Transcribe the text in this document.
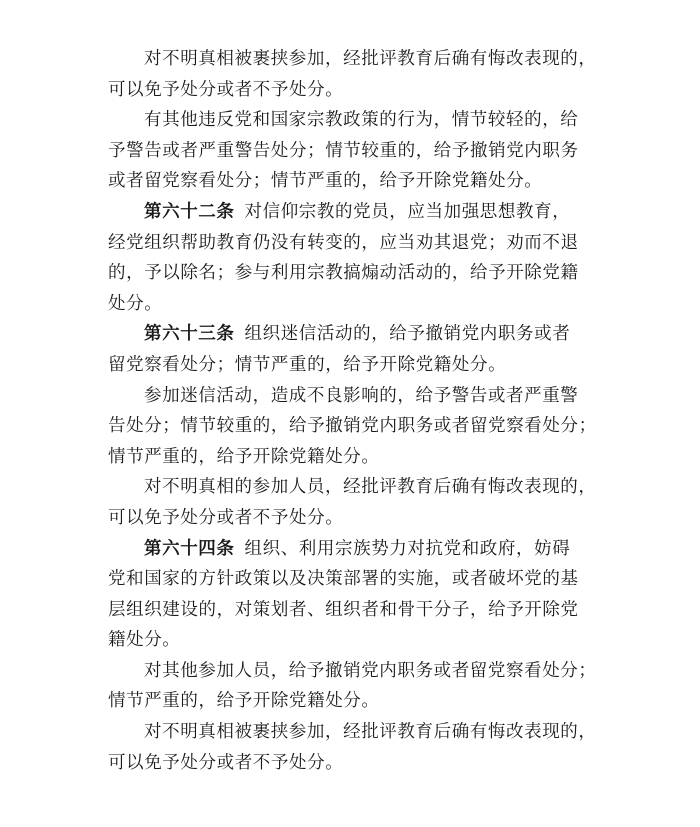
对不明真相被裹挟参加，经批评教育后确有悔改表现的，
可以免予处分或者不予处分。

有其他违反党和国家宗教政策的行为，情节较轻的，给
予警告或者严重警告处分；情节较重的，给予撤销党内职务
或者留党察看处分；情节严重的，给予开除党籍处分。

第六十二条 对信仰宗教的党员，应当加强思想教育，
经党组织帮助教育仍没有转变的，应当劝其退党；劝而不退
的，予以除名；参与利用宗教搞煽动活动的，给予开除党籍
处分。

第六十三条 组织迷信活动的，给予撤销党内职务或者
留党察看处分；情节严重的，给予开除党籍处分。

参加迷信活动，造成不良影响的，给予警告或者严重警
告处分；情节较重的，给予撤销党内职务或者留党察看处分；
情节严重的，给予开除党籍处分。

对不明真相的参加人员，经批评教育后确有悔改表现的，
可以免予处分或者不予处分。

第六十四条 组织、利用宗族势力对抗党和政府，妨碍
党和国家的方针政策以及决策部署的实施，或者破坏党的基
层组织建设的，对策划者、组织者和骨干分子，给予开除党
籍处分。

对其他参加人员，给予撤销党内职务或者留党察看处分；
情节严重的，给予开除党籍处分。

对不明真相被裹挟参加，经批评教育后确有悔改表现的，
可以免予处分或者不予处分。
